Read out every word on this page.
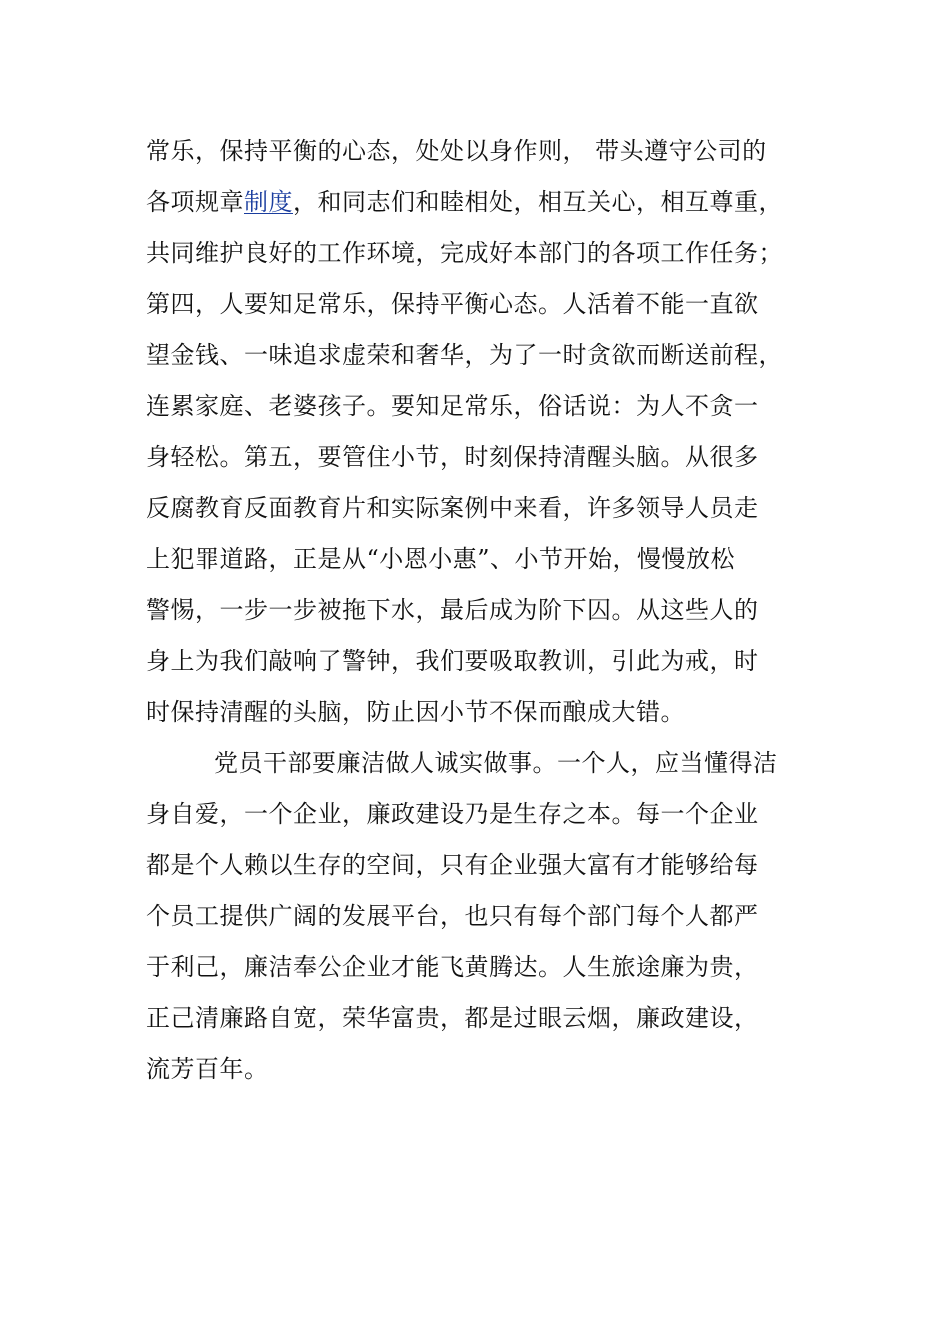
常乐，保持平衡的心态，处处以身作则， 带头遵守公司的
各项规章制度，和同志们和睦相处，相互关心，相互尊重，
共同维护良好的工作环境，完成好本部门的各项工作任务；
第四，人要知足常乐，保持平衡心态。人活着不能一直欲
望金钱、一味追求虚荣和奢华，为了一时贪欲而断送前程，
连累家庭、老婆孩子。要知足常乐，俗话说：为人不贪一
身轻松。第五，要管住小节，时刻保持清醒头脑。从很多
反腐教育反面教育片和实际案例中来看，许多领导人员走
上犯罪道路，正是从“小恩小惠”、小节开始，慢慢放松
警惕，一步一步被拖下水，最后成为阶下囚。从这些人的
身上为我们敲响了警钟，我们要吸取教训，引此为戒，时
时保持清醒的头脑，防止因小节不保而酿成大错。
党员干部要廉洁做人诚实做事。一个人，应当懂得洁
身自爱，一个企业，廉政建设乃是生存之本。每一个企业
都是个人赖以生存的空间，只有企业强大富有才能够给每
个员工提供广阔的发展平台，也只有每个部门每个人都严
于利己，廉洁奉公企业才能飞黄腾达。人生旅途廉为贵，
正己清廉路自宽，荣华富贵，都是过眼云烟，廉政建设，
流芳百年。
